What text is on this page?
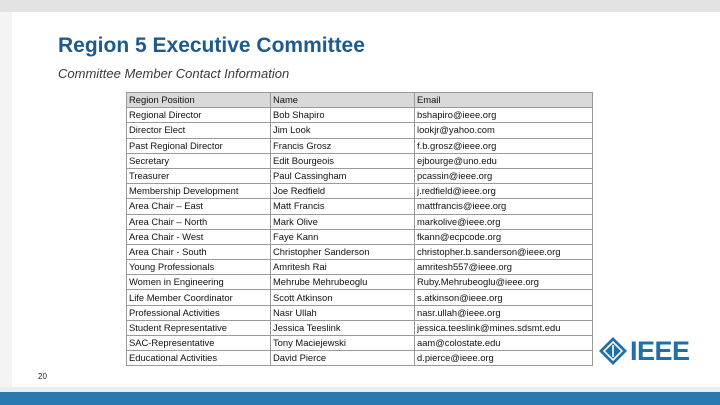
Region 5 Executive Committee
Committee Member Contact Information
Region Position	Name	Email
Regional Director	Bob Shapiro	bshapiro@ieee.org
Director Elect	Jim Look	lookjr@yahoo.com
Past Regional Director	Francis Grosz	f.b.grosz@ieee.org
Secretary	Edit Bourgeois	ejbourge@uno.edu
Treasurer	Paul Cassingham	pcassin@ieee.org
Membership Development	Joe Redfield	j.redfield@ieee.org
Area Chair – East	Matt Francis	mattfrancis@ieee.org
Area Chair – North	Mark Olive	markolive@ieee.org
Area Chair - West	Faye Kann	fkann@ecpcode.org
Area Chair - South	Christopher Sanderson	christopher.b.sanderson@ieee.org
Young Professionals	Amritesh Rai	amritesh557@ieee.org
Women in Engineering	Mehrube Mehrubeoglu	Ruby.Mehrubeoglu@ieee.org
Life Member Coordinator	Scott Atkinson	s.atkinson@ieee.org
Professional Activities	Nasr Ullah	nasr.ullah@ieee.org
Student Representative	Jessica Teeslink	jessica.teeslink@mines.sdsmt.edu
SAC-Representative	Tony Maciejewski	aam@colostate.edu
Educational Activities	David Pierce	d.pierce@ieee.org
20
IEEE
